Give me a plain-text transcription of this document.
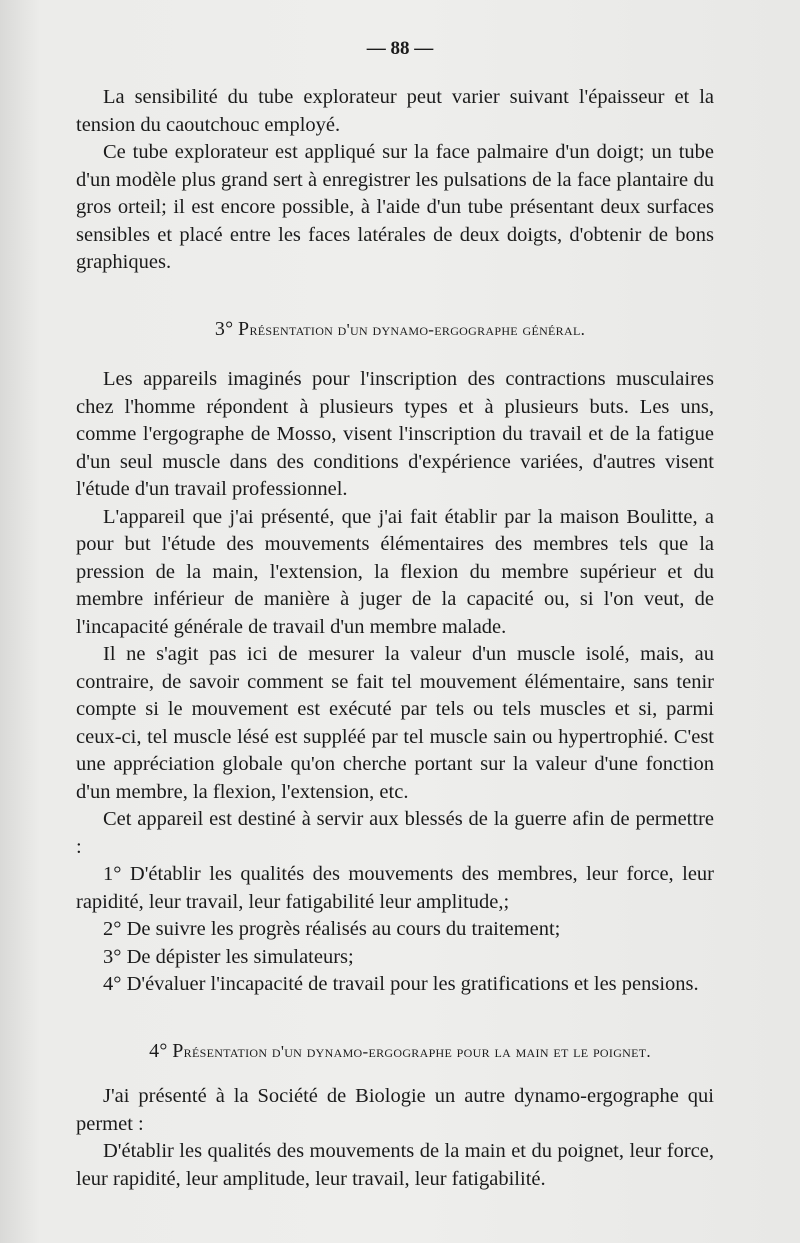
— 88 —

La sensibilité du tube explorateur peut varier suivant l'épaisseur et la tension du caoutchouc employé.

Ce tube explorateur est appliqué sur la face palmaire d'un doigt; un tube d'un modèle plus grand sert à enregistrer les pulsations de la face plantaire du gros orteil; il est encore possible, à l'aide d'un tube présentant deux surfaces sensibles et placé entre les faces latérales de deux doigts, d'obtenir de bons graphiques.

3° Présentation d'un dynamo-ergographe général.

Les appareils imaginés pour l'inscription des contractions musculaires chez l'homme répondent à plusieurs types et à plusieurs buts. Les uns, comme l'ergographe de Mosso, visent l'inscription du travail et de la fatigue d'un seul muscle dans des conditions d'expérience variées, d'autres visent l'étude d'un travail professionnel.

L'appareil que j'ai présenté, que j'ai fait établir par la maison Boulitte, a pour but l'étude des mouvements élémentaires des membres tels que la pression de la main, l'extension, la flexion du membre supérieur et du membre inférieur de manière à juger de la capacité ou, si l'on veut, de l'incapacité générale de travail d'un membre malade.

Il ne s'agit pas ici de mesurer la valeur d'un muscle isolé, mais, au contraire, de savoir comment se fait tel mouvement élémentaire, sans tenir compte si le mouvement est exécuté par tels ou tels muscles et si, parmi ceux-ci, tel muscle lésé est suppléé par tel muscle sain ou hypertrophié. C'est une appréciation globale qu'on cherche portant sur la valeur d'une fonction d'un membre, la flexion, l'extension, etc.

Cet appareil est destiné à servir aux blessés de la guerre afin de permettre :

1° D'établir les qualités des mouvements des membres, leur force, leur rapidité, leur travail, leur fatigabilité leur amplitude,;

2° De suivre les progrès réalisés au cours du traitement;

3° De dépister les simulateurs;

4° D'évaluer l'incapacité de travail pour les gratifications et les pensions.

4° Présentation d'un dynamo-ergographe pour la main et le poignet.

J'ai présenté à la Société de Biologie un autre dynamo-ergographe qui permet :

D'établir les qualités des mouvements de la main et du poignet, leur force, leur rapidité, leur amplitude, leur travail, leur fatigabilité.
